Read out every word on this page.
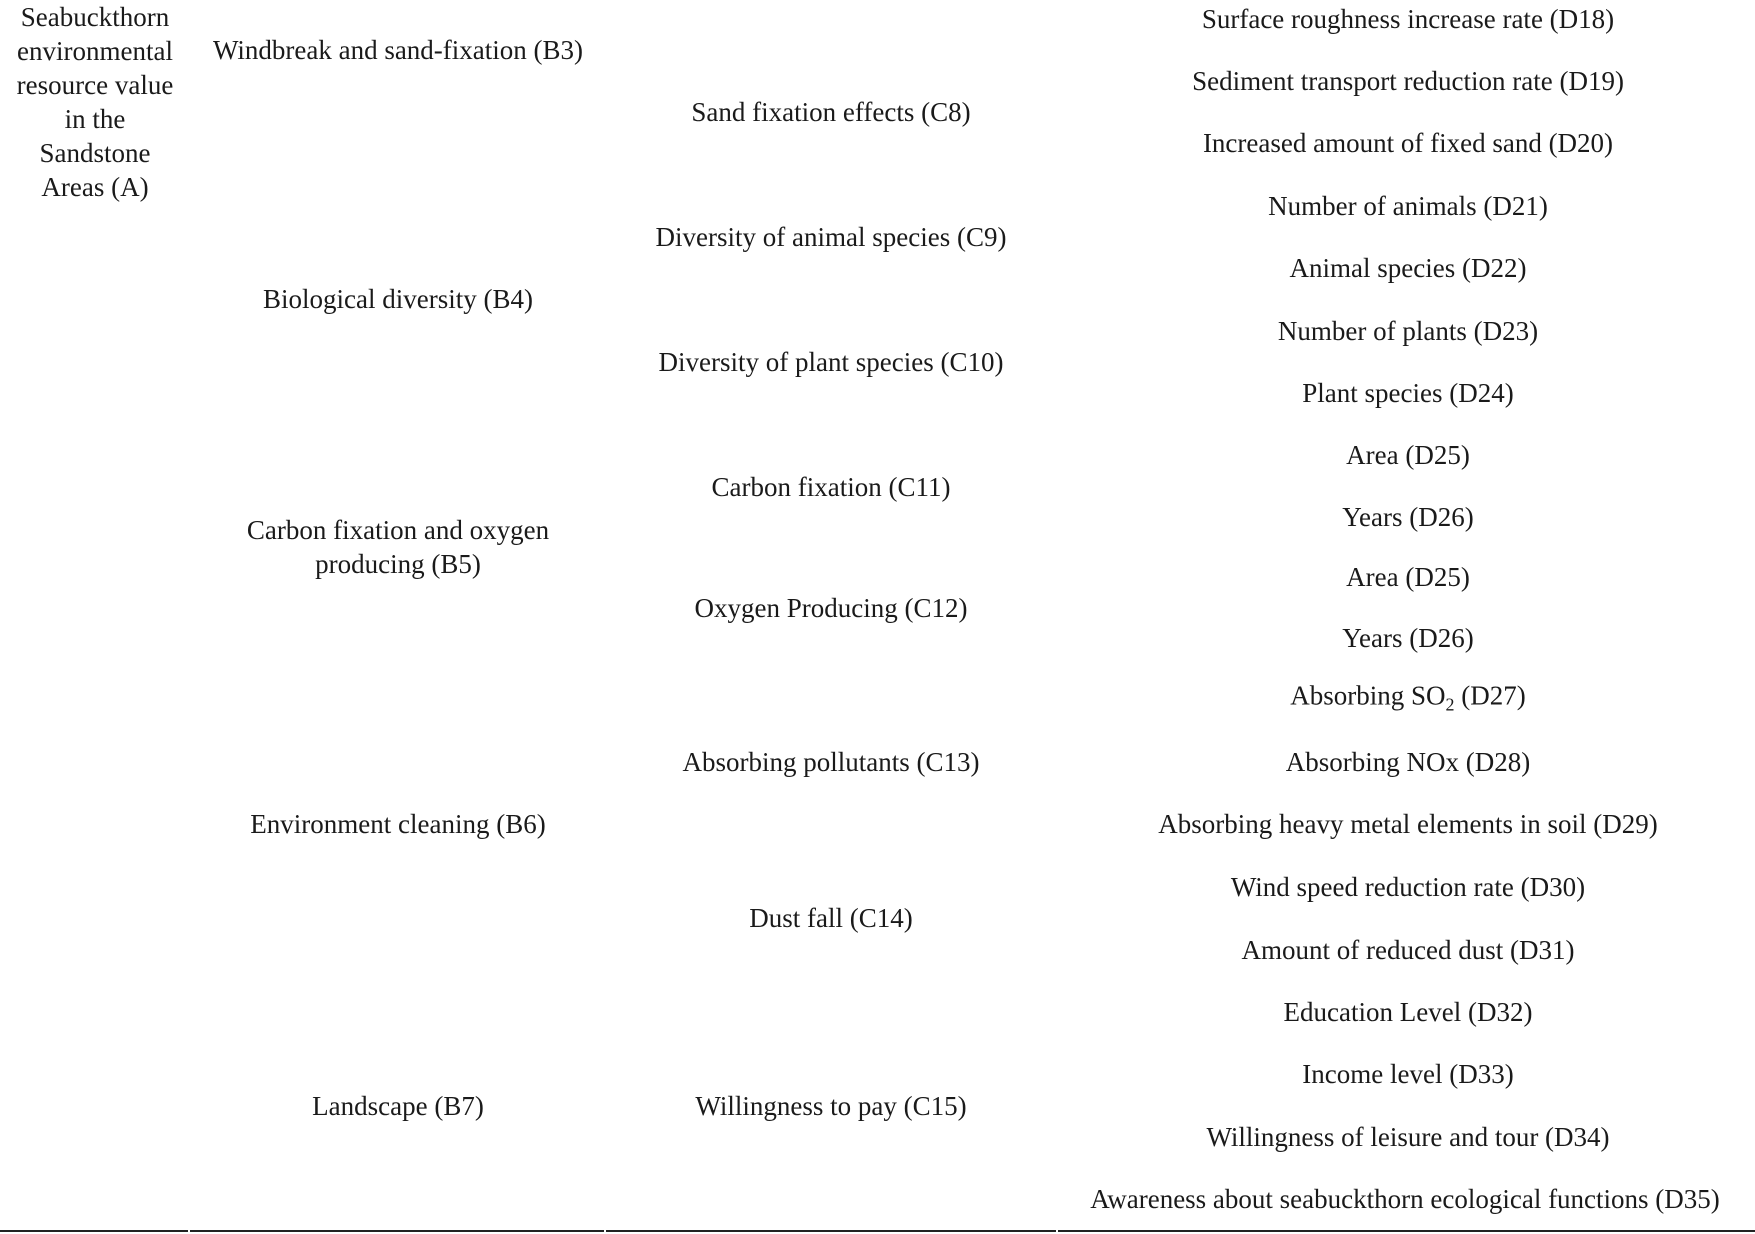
Seabuckthorn environmental resource value in the Sandstone Areas (A)
Windbreak and sand-fixation (B3)
Biological diversity (B4)
Carbon fixation and oxygen producing (B5)
Environment cleaning (B6)
Landscape (B7)
Sand fixation effects (C8)
Diversity of animal species (C9)
Diversity of plant species (C10)
Carbon fixation (C11)
Oxygen Producing (C12)
Absorbing pollutants (C13)
Dust fall (C14)
Willingness to pay (C15)
Surface roughness increase rate (D18)
Sediment transport reduction rate (D19)
Increased amount of fixed sand (D20)
Number of animals (D21)
Animal species (D22)
Number of plants (D23)
Plant species (D24)
Area (D25)
Years (D26)
Area (D25)
Years (D26)
Absorbing $SO_2$ (D27)
Absorbing NOx (D28)
Absorbing heavy metal elements in soil (D29)
Wind speed reduction rate (D30)
Amount of reduced dust (D31)
Education Level (D32)
Income level (D33)
Willingness of leisure and tour (D34)
Awareness about seabuckthorn ecological functions (D35)
